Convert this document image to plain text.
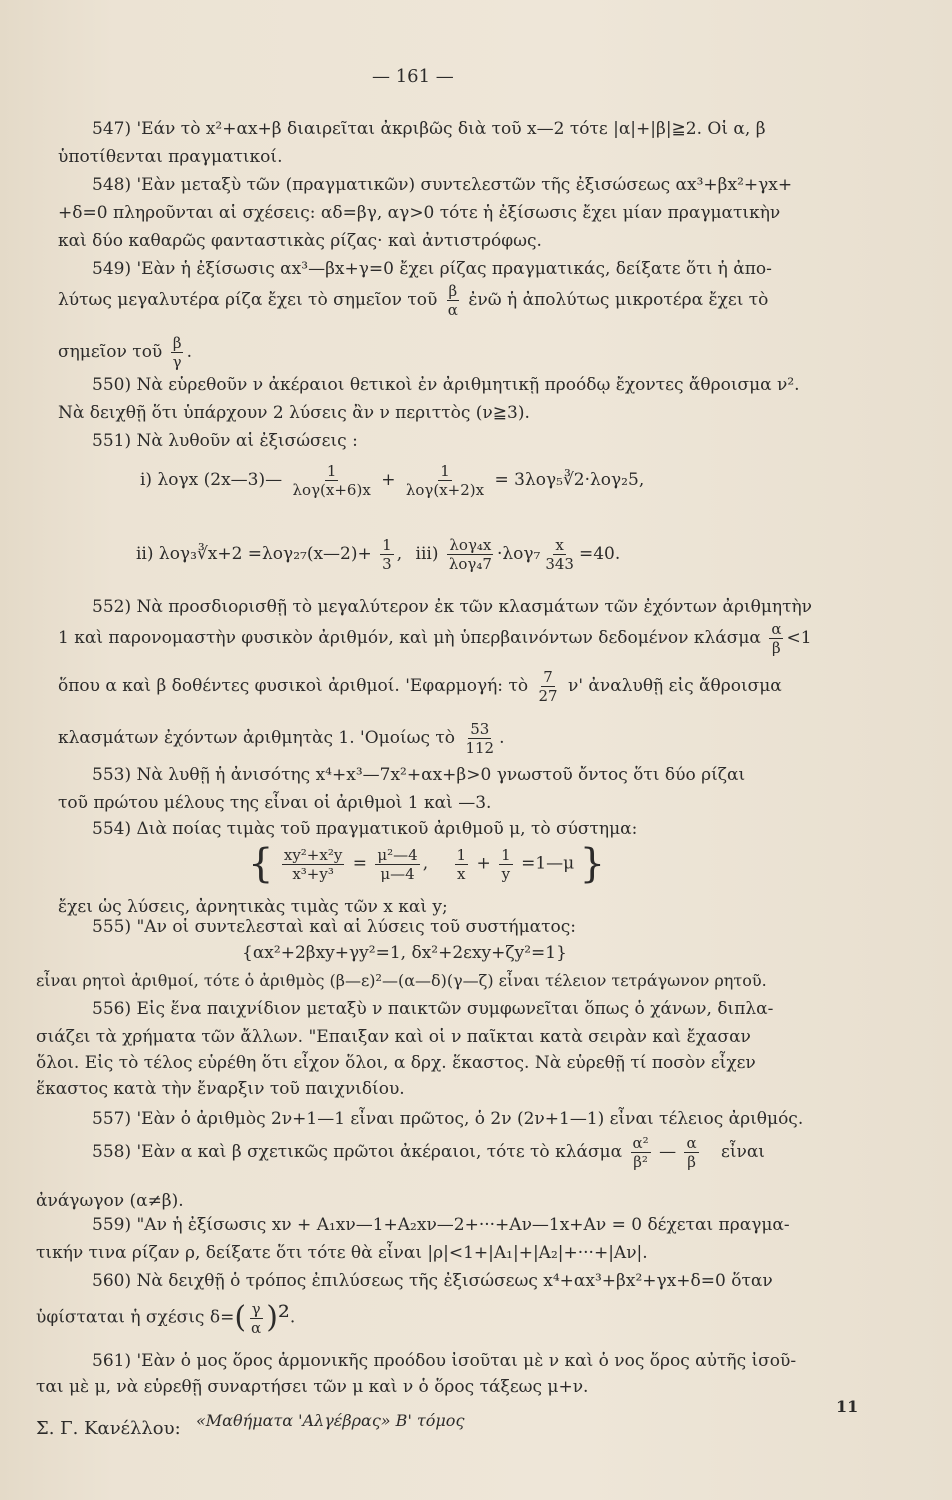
— 161 —
547) 'Εάν τὸ x²+αx+β διαιρεῖται ἀκριβῶς διὰ τοῦ x—2 τότε |α|+|β|≧2. Οἱ α, β
ὑποτίθενται πραγματικοί.
548) 'Εὰν μεταξὺ τῶν (πραγματικῶν) συντελεστῶν τῆς ἐξισώσεως αx³+βx²+γx+
+δ=0 πληροῦνται αἱ σχέσεις: αδ=βγ, αγ>0 τότε ἡ ἐξίσωσις ἔχει μίαν πραγματικὴν
καὶ δύο καθαρῶς φανταστικὰς ρίζας· καὶ ἀντιστρόφως.
549) 'Εὰν ἡ ἐξίσωσις αx³—βx+γ=0 ἔχει ρίζας πραγματικάς, δείξατε ὅτι ἡ ἀπο-
λύτως μεγαλυτέρα ρίζα ἔχει τὸ σημεῖον τοῦ $\frac{\beta}{\alpha}$ ἐνῶ ἡ ἀπολύτως μικροτέρα ἔχει τὸ
σημεῖον τοῦ $\frac{\beta}{\gamma}$ .
550) Νὰ εὑρεθοῦν ν ἀκέραιοι θετικοὶ ἐν ἀριθμητικῇ προόδῳ ἔχοντες ἄθροισμα ν².
Νὰ δειχθῇ ὅτι ὑπάρχουν 2 λύσεις ἂν ν περιττὸς (ν≧3).
551) Νὰ λυθοῦν αἱ ἐξισώσεις :
i) λογx (2x—3)— $\frac{1}{\text{λογ(x+6)x}} + \frac{1}{\text{λογ(x+2)x}}$ = 3λογ₅∛2·λογ₂5,
ii) λογ₃∛x+2 =λογ₂₇(x—2)+ $\frac{1}{3}$ , $iii) \frac{\text{λογ₄x}}{\text{λογ₄7}} \cdot\lambda o\gamma_7 \frac{x}{343} =40$.
552) Νὰ προσδιορισθῇ τὸ μεγαλύτερον ἐκ τῶν κλασμάτων τῶν ἐχόντων ἀριθμητὴν
1 καὶ παρονομαστὴν φυσικὸν ἀριθμόν, καὶ μὴ ὑπερβαινόντων δεδομένον κλάσμα $\frac{\alpha}{\beta} <1$
ὅπου α καὶ β δοθέντες φυσικοὶ ἀριθμοί. 'Εφαρμογή: τὸ $\frac{7}{27} \nu'$ ἀναλυθῇ εἰς ἄθροισμα
κλασμάτων ἐχόντων ἀριθμητὰς 1. 'Ομοίως τὸ $\frac{53}{112}$ .
553) Νὰ λυθῇ ἡ ἀνισότης x⁴+x³—7x²+αx+β>0 γνωστοῦ ὄντος ὅτι δύο ρίζαι
τοῦ πρώτου μέλους της εἶναι οἱ ἀριθμοὶ 1 καὶ —3.
554) Διὰ ποίας τιμὰς τοῦ πραγματικοῦ ἀριθμοῦ μ, τὸ σύστημα:
{ $\frac{\text{xy²+x²y}}{\text{x³+y³}} = \frac{\text{μ²—4}}{\mu—4}$ , $\frac{1}{x} + \frac{1}{y}$ =1—μ }
ἔχει ὡς λύσεις, ἀρνητικὰς τιμὰς τῶν x καὶ y;
555) "Αν οἱ συντελεσταὶ καὶ αἱ λύσεις τοῦ συστήματος:
{αx²+2βxy+γy²=1, δx²+2εxy+ζy²=1}
εἶναι ρητοὶ ἀριθμοί, τότε ὁ ἀριθμὸς (β—ε)²—(α—δ)(γ—ζ) εἶναι τέλειον τετράγωνον ρητοῦ.
556) Εἰς ἕνα παιχνίδιον μεταξὺ ν παικτῶν συμφωνεῖται ὅπως ὁ χάνων, διπλα-
σιάζει τὰ χρήματα τῶν ἄλλων. "Επαιξαν καὶ οἱ ν παῖκται κατὰ σειρὰν καὶ ἔχασαν
ὅλοι. Εἰς τὸ τέλος εὑρέθη ὅτι εἶχον ὅλοι, α δρχ. ἕκαστος. Νὰ εὑρεθῇ τί ποσὸν εἶχεν
ἕκαστος κατὰ τὴν ἔναρξιν τοῦ παιχνιδίου.
557) 'Εὰν ὁ ἀριθμὸς 2ν+1—1 εἶναι πρῶτος, ὁ 2ν (2ν+1—1) εἶναι τέλειος ἀριθμός.
558) 'Εὰν α καὶ β σχετικῶς πρῶτοι ἀκέραιοι, τότε τὸ κλάσμα $\frac{\text{α²}}{\text{β²}}$ — $\frac{\alpha}{\beta}$ εἶναι
ἀνάγωγον (α≠β).
559) "Αν ἡ ἐξίσωσις xν + A₁xν—1+A₂xν—2+···+Aν—1x+Aν = 0 δέχεται πραγμα-
τικήν τινα ρίζαν ρ, δείξατε ὅτι τότε θὰ εἶναι |ρ|<1+|A₁|+|A₂|+···+|Aν|.
560) Νὰ δειχθῇ ὁ τρόπος ἐπιλύσεως τῆς ἐξισώσεως x⁴+αx³+βx²+γx+δ=0 ὅταν
ὑφίσταται ἡ σχέσις $\delta=( \frac{\gamma}{\alpha} )^2$.
561) 'Εὰν ὁ μος ὅρος ἁρμονικῆς προόδου ἰσοῦται μὲ ν καὶ ὁ νος ὅρος αὐτῆς ἰσοῦ-
ται μὲ μ, νὰ εὑρεθῇ συναρτήσει τῶν μ καὶ ν ὁ ὅρος τάξεως μ+ν.
Σ. Γ. Κανέλλου: «Μαθήματα 'Αλγέβρας» Β' τόμος
11
